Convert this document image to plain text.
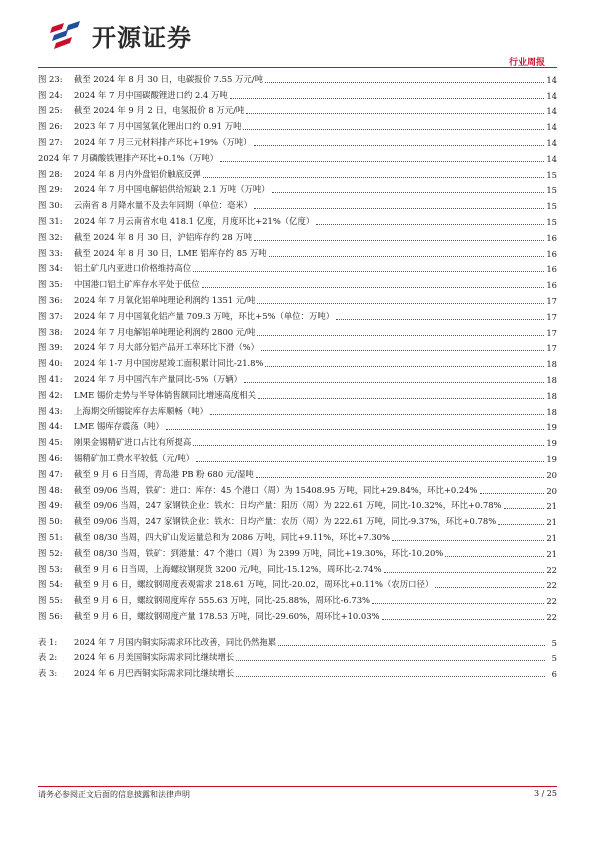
开源证券
行业周报
图 23:	截至 2024 年 8 月 30 日，电碳报价 7.55 万元/吨	14
图 24:	2024 年 7 月中国碳酸锂进口约 2.4 万吨	14
图 25:	截至 2024 年 9 月 2 日，电氢报价 8 万元/吨	14
图 26:	2023 年 7 月中国氢氧化锂出口约 0.91 万吨	14
图 27:	2024 年 7 月三元材料排产环比+19%（万吨）	14
2024 年 7 月磷酸铁锂排产环比+0.1%（万吨）	14
图 28:	2024 年 8 月内外盘铝价触底反弹	15
图 29:	2024 年 7 月中国电解铝供给短缺 2.1 万吨（万吨）	15
图 30:	云南省 8 月降水量不及去年同期（单位：毫米）	15
图 31:	2024 年 7 月云南省水电 418.1 亿度，月度环比+21%（亿度）	15
图 32:	截至 2024 年 8 月 30 日，沪铝库存约 28 万吨	16
图 33:	截至 2024 年 8 月 30 日，LME 铝库存约 85 万吨	16
图 34:	铝土矿几内亚进口价格维持高位	16
图 35:	中国港口铝土矿库存水平处于低位	16
图 36:	2024 年 7 月氧化铝单吨理论利润约 1351 元/吨	17
图 37:	2024 年 7 月中国氧化铝产量 709.3 万吨，环比+5%（单位：万吨）	17
图 38:	2024 年 7 月电解铝单吨理论利润约 2800 元/吨	17
图 39:	2024 年 7 月大部分铝产品开工率环比下滑（%）	17
图 40:	2024 年 1-7 月中国房屋竣工面积累计同比-21.8%	18
图 41:	2024 年 7 月中国汽车产量同比-5%（万辆）	18
图 42:	LME 锡价走势与半导体销售额同比增速高度相关	18
图 43:	上海期交所锡锭库存去库顺畅（吨）	18
图 44:	LME 锡库存震荡（吨）	19
图 45:	刚果金锡精矿进口占比有所提高	19
图 46:	锡精矿加工费水平较低（元/吨）	19
图 47:	截至 9 月 6 日当周，青岛港 PB 粉 680 元/湿吨	20
图 48:	截至 09/06 当周，铁矿：进口：库存：45 个港口（周）为 15408.95 万吨，同比+29.84%，环比+0.24%	20
图 49:	截至 09/06 当周，247 家钢铁企业：铁水：日均产量：阳历（周）为 222.61 万吨，同比-10.32%，环比+0.78%	21
图 50:	截至 09/06 当周，247 家钢铁企业：铁水：日均产量：农历（周）为 222.61 万吨，同比-9.37%，环比+0.78%	21
图 51:	截至 08/30 当周，四大矿山发运量总和为 2086 万吨，同比+9.11%，环比+7.30%	21
图 52:	截至 08/30 当周，铁矿：到港量：47 个港口（周）为 2399 万吨，同比+19.30%，环比-10.20%	21
图 53:	截至 9 月 6 日当周，上海螺纹钢现货 3200 元/吨，同比-15.12%，周环比-2.74%	22
图 54:	截至 9 月 6 日，螺纹钢周度表观需求 218.61 万吨，同比-20.02，周环比+0.11%（农历口径）	22
图 55:	截至 9 月 6 日，螺纹钢周度库存 555.63 万吨，同比-25.88%，周环比-6.73%	22
图 56:	截至 9 月 6 日，螺纹钢周度产量 178.53 万吨，同比-29.60%，周环比+10.03%	22
表 1:	2024 年 7 月国内铜实际需求环比改善，同比仍然拖累	5
表 2:	2024 年 6 月美国铜实际需求同比继续增长	5
表 3:	2024 年 6 月巴西铜实际需求同比继续增长	6
请务必参阅正文后面的信息披露和法律声明	3 / 25
